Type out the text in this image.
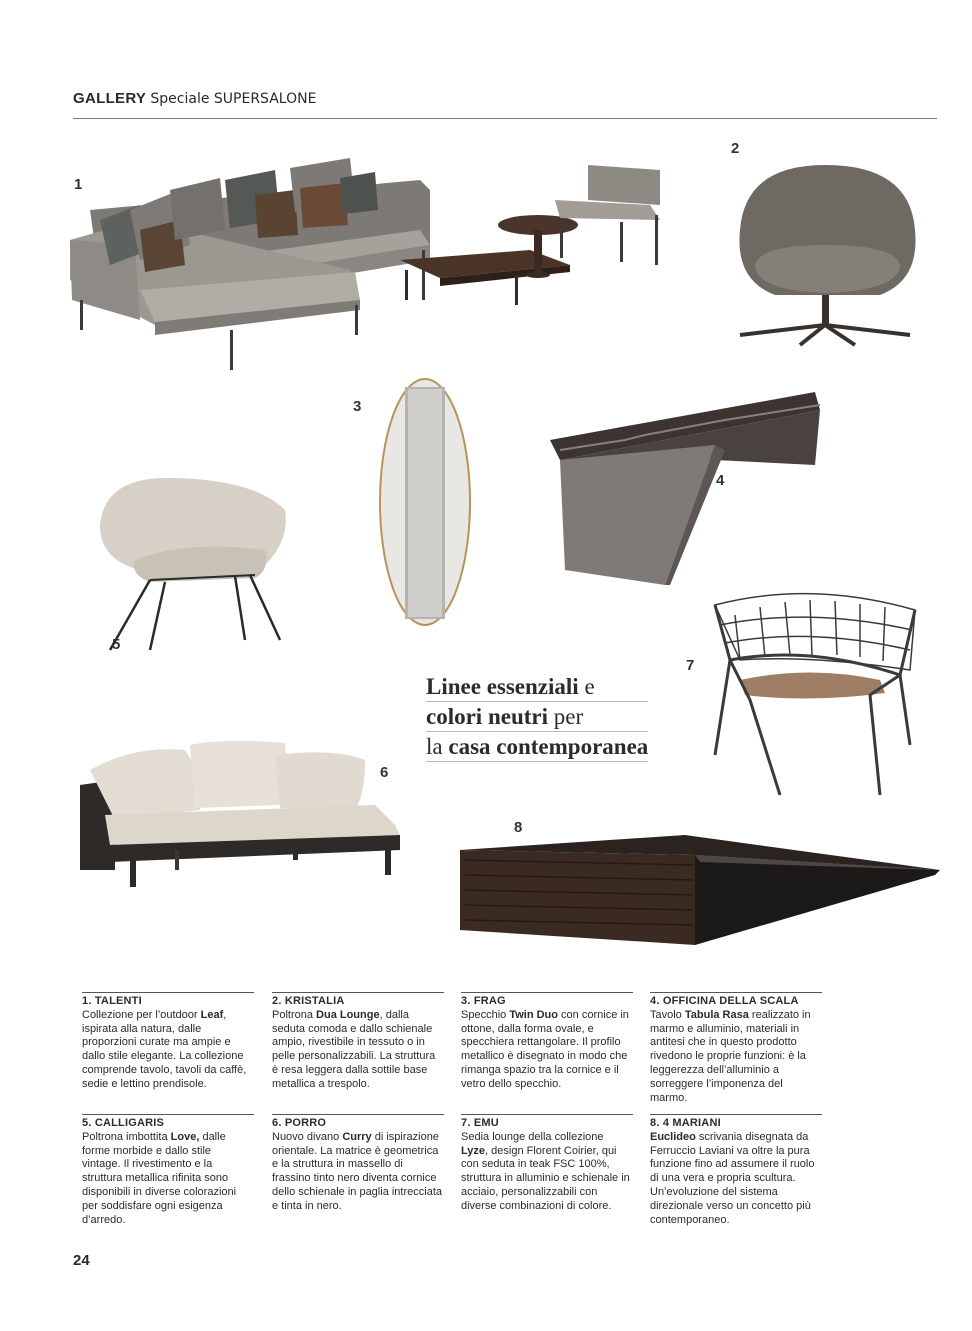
GALLERY Speciale SUPERSALONE
1
2
3
4
5
6
7
8
Linee essenziali e
colori neutri per
la casa contemporanea
1. TALENTI
Collezione per l’outdoor Leaf, ispirata alla natura, dalle proporzioni curate ma ampie e dallo stile elegante. La collezione comprende tavolo, tavoli da caffè, sedie e lettino prendisole.
2. KRISTALIA
Poltrona Dua Lounge, dalla seduta comoda e dallo schienale ampio, rivestibile in tessuto o in pelle personalizzabili. La struttura è resa leggera dalla sottile base metallica a trespolo.
3. FRAG
Specchio Twin Duo con cornice in ottone, dalla forma ovale, e specchiera rettangolare. Il profilo metallico è disegnato in modo che rimanga spazio tra la cornice e il vetro dello specchio.
4. OFFICINA DELLA SCALA
Tavolo Tabula Rasa realizzato in marmo e alluminio, materiali in antitesi che in questo prodotto rivedono le proprie funzioni: è la leggerezza dell’alluminio a sorreggere l’imponenza del marmo.
5. CALLIGARIS
Poltrona imbottita Love, dalle forme morbide e dallo stile vintage. Il rivestimento e la struttura metallica rifinita sono disponibili in diverse colorazioni per soddisfare ogni esigenza d’arredo.
6. PORRO
Nuovo divano Curry di ispirazione orientale. La matrice è geometrica e la struttura in massello di frassino tinto nero diventa cornice dello schienale in paglia intrecciata e tinta in nero.
7. EMU
Sedia lounge della collezione Lyze, design Florent Coirier, qui con seduta in teak FSC 100%, struttura in alluminio e schienale in acciaio, personalizzabili con diverse combinazioni di colore.
8. 4 MARIANI
Euclideo scrivania disegnata da Ferruccio Laviani va oltre la pura funzione fino ad assumere il ruolo di una vera e propria scultura. Un’evoluzione del sistema direzionale verso un concetto più contemporaneo.
24
